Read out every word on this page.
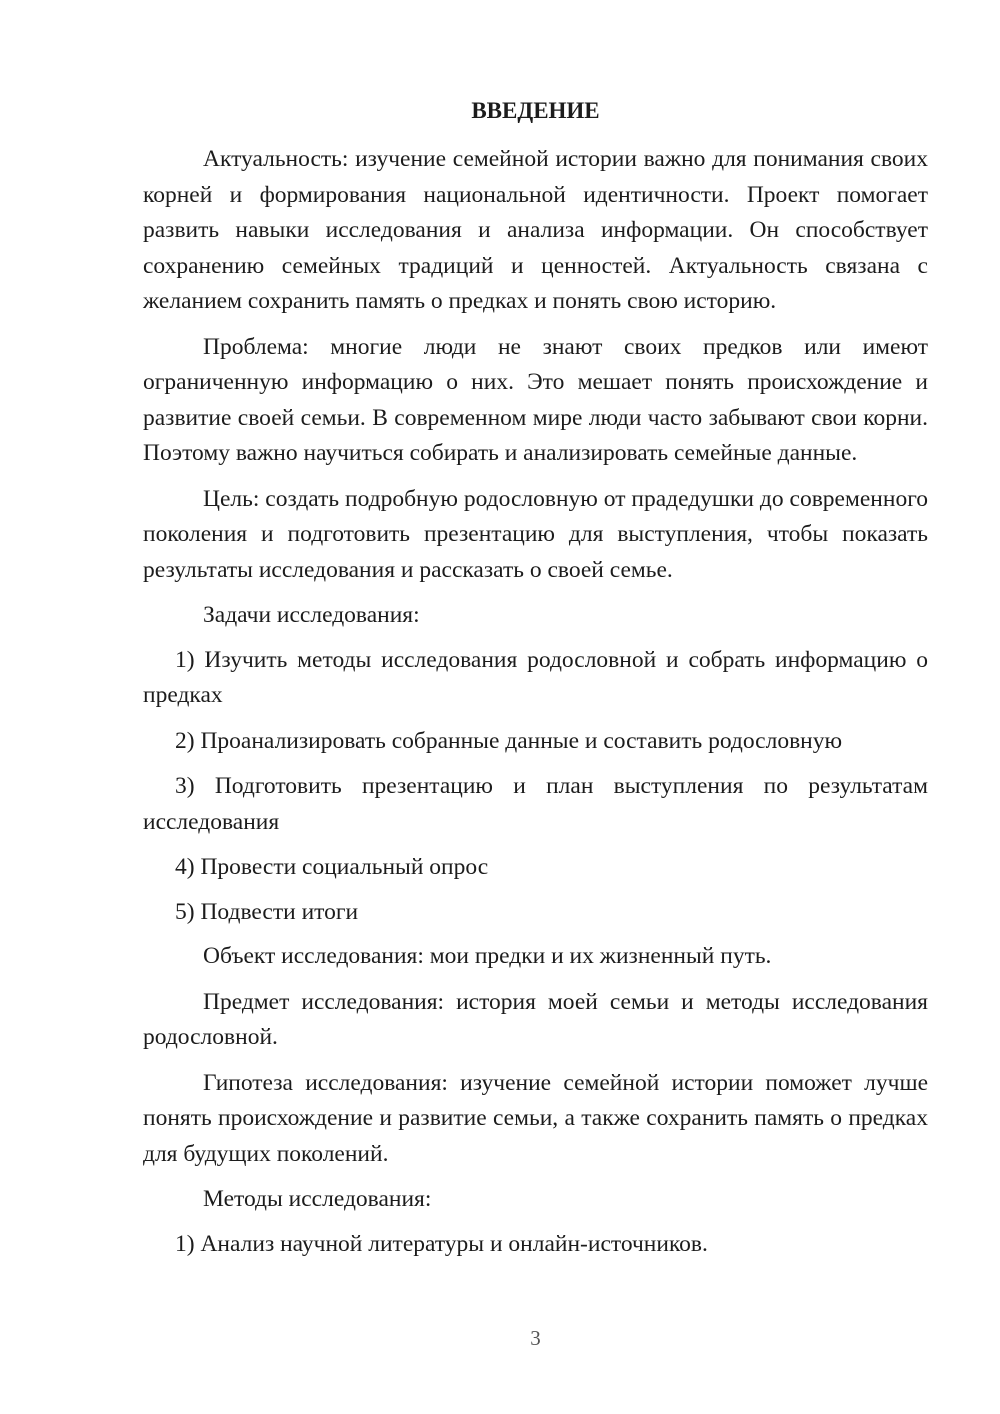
ВВЕДЕНИЕ

Актуальность: изучение семейной истории важно для понимания своих корней и формирования национальной идентичности. Проект помогает развить навыки исследования и анализа информации. Он способствует сохранению семейных традиций и ценностей. Актуальность связана с желанием сохранить память о предках и понять свою историю.

Проблема: многие люди не знают своих предков или имеют ограниченную информацию о них. Это мешает понять происхождение и развитие своей семьи. В современном мире люди часто забывают свои корни. Поэтому важно научиться собирать и анализировать семейные данные.

Цель: создать подробную родословную от прадедушки до современного поколения и подготовить презентацию для выступления, чтобы показать результаты исследования и рассказать о своей семье.

Задачи исследования:

1) Изучить методы исследования родословной и собрать информацию о предках

2) Проанализировать собранные данные и составить родословную

3) Подготовить презентацию и план выступления по результатам исследования

4) Провести социальный опрос

5) Подвести итоги

Объект исследования: мои предки и их жизненный путь.

Предмет исследования: история моей семьи и методы исследования родословной.

Гипотеза исследования: изучение семейной истории поможет лучше понять происхождение и развитие семьи, а также сохранить память о предках для будущих поколений.

Методы исследования:

1) Анализ научной литературы и онлайн-источников.

3
